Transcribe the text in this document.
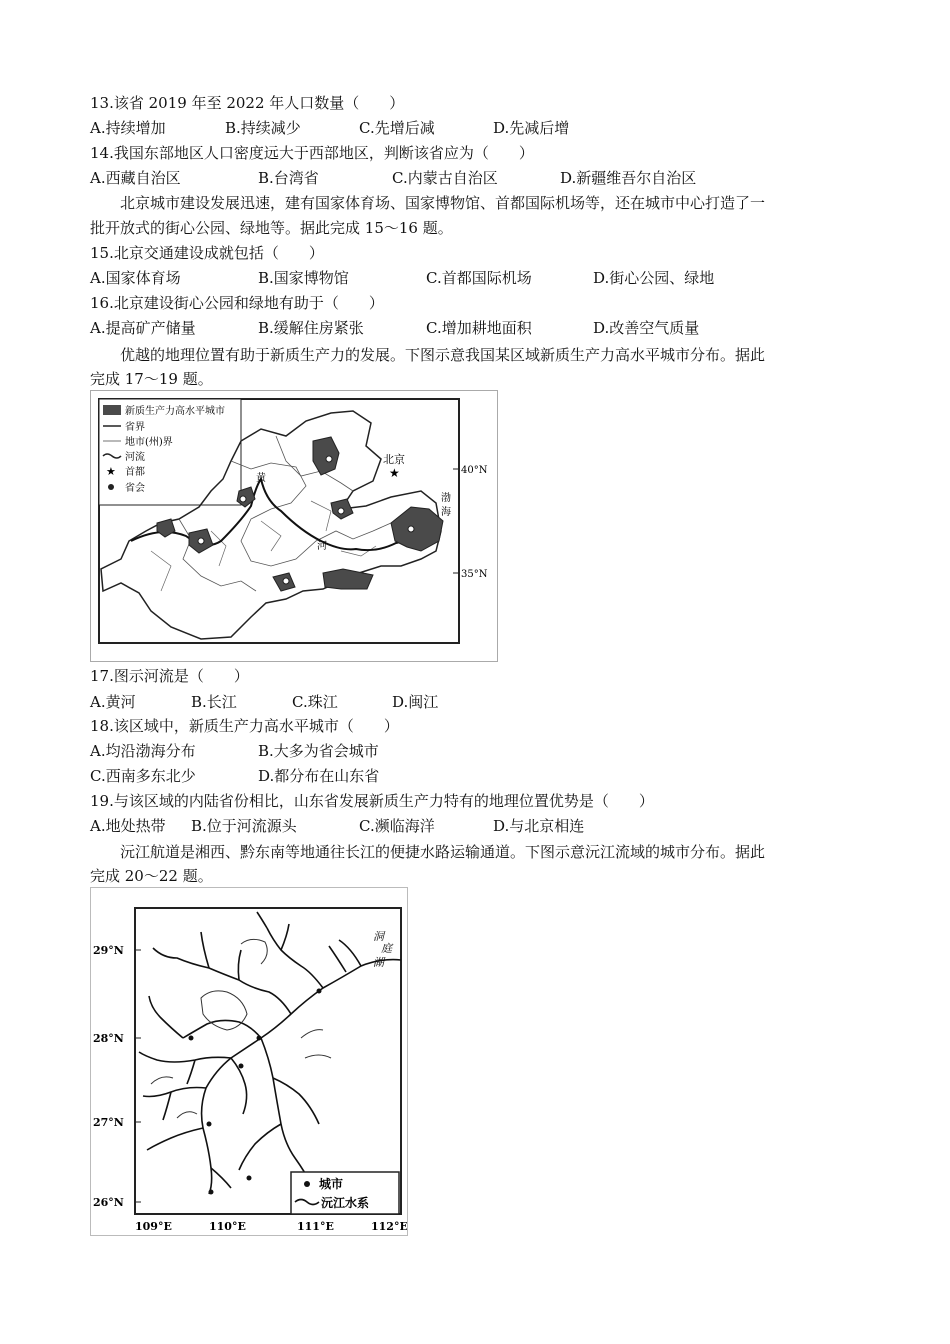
13.该省 2019 年至 2022 年人口数量（　　）
A.持续增加	B.持续减少	C.先增后减	D.先减后增
14.我国东部地区人口密度远大于西部地区，判断该省应为（　　）
A.西藏自治区	B.台湾省	C.内蒙古自治区	D.新疆维吾尔自治区
北京城市建设发展迅速，建有国家体育场、国家博物馆、首都国际机场等，还在城市中心打造了一
批开放式的街心公园、绿地等。据此完成 15～16 题。
15.北京交通建设成就包括（　　）
A.国家体育场	B.国家博物馆	C.首都国际机场	D.街心公园、绿地
16.北京建设街心公园和绿地有助于（　　）
A.提高矿产储量	B.缓解住房紧张	C.增加耕地面积	D.改善空气质量
优越的地理位置有助于新质生产力的发展。下图示意我国某区域新质生产力高水平城市分布。据此
完成 17～19 题。
新质生产力高水平城市
省界
地市(州)界
河流
★ 首都
省会
北京
★
渤
海
黄
河
40°N
35°N
17.图示河流是（　　）
A.黄河	B.长江	C.珠江	D.闽江
18.该区域中，新质生产力高水平城市（　　）
A.均沿渤海分布	B.大多为省会城市
C.西南多东北少	D.都分布在山东省
19.与该区域的内陆省份相比，山东省发展新质生产力特有的地理位置优势是（　　）
A.地处热带 B.位于河流源头	C.濒临海洋	D.与北京相连
沅江航道是湘西、黔东南等地通往长江的便捷水路运输通道。下图示意沅江流域的城市分布。据此
完成 20～22 题。
29°N
28°N
27°N
26°N
109°E	110°E	111°E	112°E
洞
庭
湖
城市
沅江水系
